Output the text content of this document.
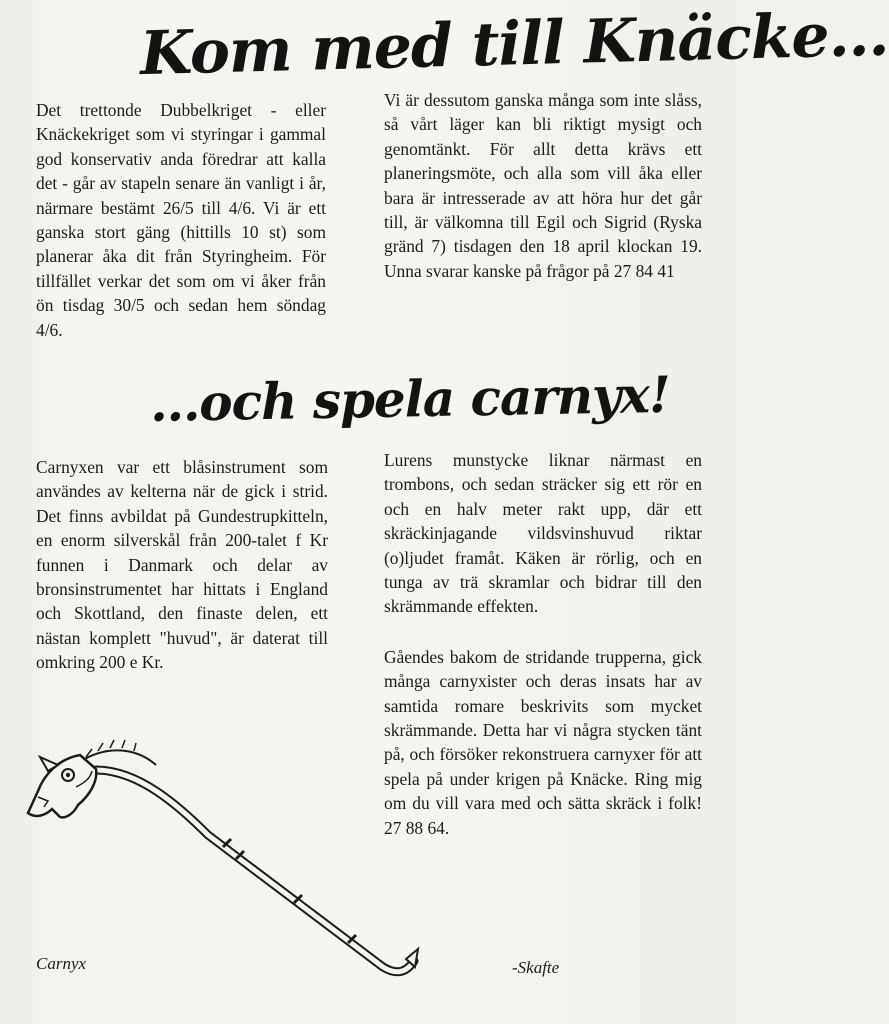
Kom med till Knäcke...

Det trettonde Dubbelkriget - eller Knäckekriget som vi styringar i gammal god konservativ anda föredrar att kalla det - går av stapeln senare än vanligt i år, närmare bestämt 26/5 till 4/6. Vi är ett ganska stort gäng (hittills 10 st) som planerar åka dit från Styringheim. För tillfället verkar det som om vi åker från ön tisdag 30/5 och sedan hem söndag 4/6.

Vi är dessutom ganska många som inte slåss, så vårt läger kan bli riktigt mysigt och genomtänkt. För allt detta krävs ett planeringsmöte, och alla som vill åka eller bara är intresserade av att höra hur det går till, är välkomna till Egil och Sigrid (Ryska gränd 7) tisdagen den 18 april klockan 19. Unna svarar kanske på frågor på 27 84 41

...och spela carnyx!

Carnyxen var ett blåsinstrument som användes av kelterna när de gick i strid. Det finns avbildat på Gundestrupkitteln, en enorm silverskål från 200-talet f Kr funnen i Danmark och delar av bronsinstrumentet har hittats i England och Skottland, den finaste delen, ett nästan komplett "huvud", är daterat till omkring 200 e Kr.

Lurens munstycke liknar närmast en trombons, och sedan sträcker sig ett rör en och en halv meter rakt upp, där ett skräckinjagande vildsvinshuvud riktar (o)ljudet framåt. Käken är rörlig, och en tunga av trä skramlar och bidrar till den skrämmande effekten.

Gåendes bakom de stridande trupperna, gick många carnyxister och deras insats har av samtida romare beskrivits som mycket skrämmande. Detta har vi några stycken tänt på, och försöker rekonstruera carnyxer för att spela på under krigen på Knäcke. Ring mig om du vill vara med och sätta skräck i folk! 27 88 64.

Carnyx	-Skafte
